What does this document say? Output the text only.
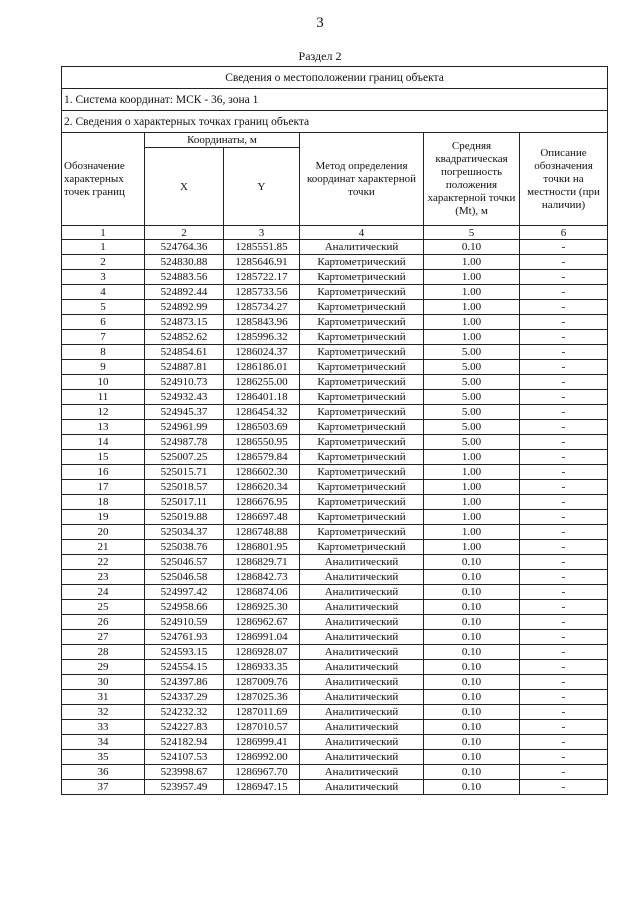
3
Раздел 2
Сведения о местоположении границ объекта					
1. Система координат: МСК - 36, зона 1					
2. Сведения о характерных точках границ объекта					
Обозначение характерных точек границ	Координаты, м		Метод определения координат характерной точки	Средняя квадратическая погрешность положения характерной точки (Mt), м	Описание обозначения точки на местности (при наличии)
	X	Y			
1	2	3	4	5	6
1	524764.36	1285551.85	Аналитический	0.10	-
2	524830.88	1285646.91	Картометрический	1.00	-
3	524883.56	1285722.17	Картометрический	1.00	-
4	524892.44	1285733.56	Картометрический	1.00	-
5	524892.99	1285734.27	Картометрический	1.00	-
6	524873.15	1285843.96	Картометрический	1.00	-
7	524852.62	1285996.32	Картометрический	1.00	-
8	524854.61	1286024.37	Картометрический	5.00	-
9	524887.81	1286186.01	Картометрический	5.00	-
10	524910.73	1286255.00	Картометрический	5.00	-
11	524932.43	1286401.18	Картометрический	5.00	-
12	524945.37	1286454.32	Картометрический	5.00	-
13	524961.99	1286503.69	Картометрический	5.00	-
14	524987.78	1286550.95	Картометрический	5.00	-
15	525007.25	1286579.84	Картометрический	1.00	-
16	525015.71	1286602.30	Картометрический	1.00	-
17	525018.57	1286620.34	Картометрический	1.00	-
18	525017.11	1286676.95	Картометрический	1.00	-
19	525019.88	1286697.48	Картометрический	1.00	-
20	525034.37	1286748.88	Картометрический	1.00	-
21	525038.76	1286801.95	Картометрический	1.00	-
22	525046.57	1286829.71	Аналитический	0.10	-
23	525046.58	1286842.73	Аналитический	0.10	-
24	524997.42	1286874.06	Аналитический	0.10	-
25	524958.66	1286925.30	Аналитический	0.10	-
26	524910.59	1286962.67	Аналитический	0.10	-
27	524761.93	1286991.04	Аналитический	0.10	-
28	524593.15	1286928.07	Аналитический	0.10	-
29	524554.15	1286933.35	Аналитический	0.10	-
30	524397.86	1287009.76	Аналитический	0.10	-
31	524337.29	1287025.36	Аналитический	0.10	-
32	524232.32	1287011.69	Аналитический	0.10	-
33	524227.83	1287010.57	Аналитический	0.10	-
34	524182.94	1286999.41	Аналитический	0.10	-
35	524107.53	1286992.00	Аналитический	0.10	-
36	523998.67	1286967.70	Аналитический	0.10	-
37	523957.49	1286947.15	Аналитический	0.10	-
